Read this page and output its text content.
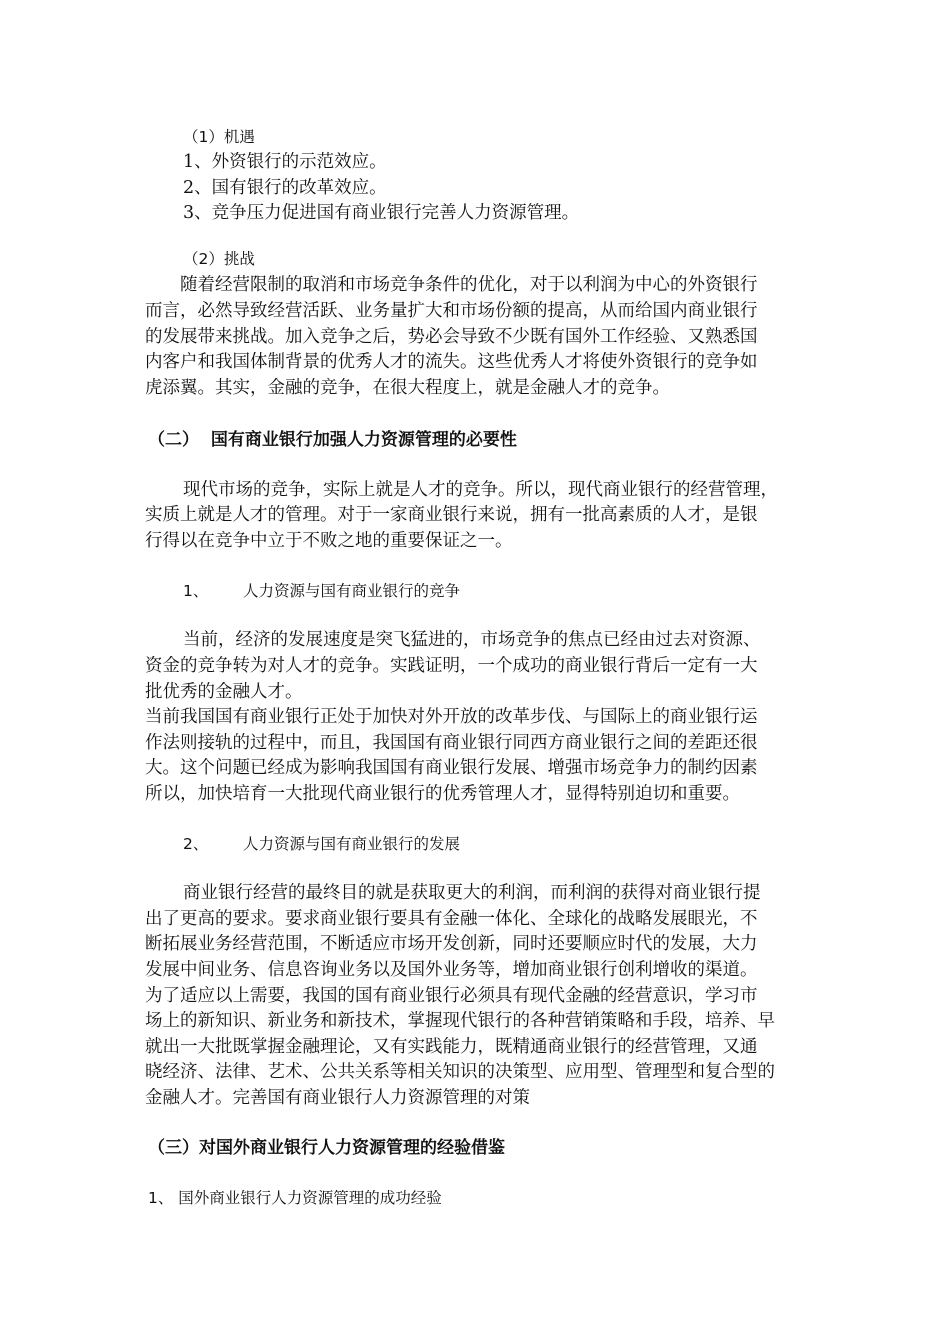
（1）机遇
1、外资银行的示范效应。
2、国有银行的改革效应。
3、竞争压力促进国有商业银行完善人力资源管理。
（2）挑战
随着经营限制的取消和市场竞争条件的优化，对于以利润为中心的外资银行
而言，必然导致经营活跃、业务量扩大和市场份额的提高，从而给国内商业银行
的发展带来挑战。加入竞争之后，势必会导致不少既有国外工作经验、又熟悉国
内客户和我国体制背景的优秀人才的流失。这些优秀人才将使外资银行的竞争如
虎添翼。其实，金融的竞争，在很大程度上，就是金融人才的竞争。
（二）  国有商业银行加强人力资源管理的必要性
现代市场的竞争，实际上就是人才的竞争。所以，现代商业银行的经营管理，
实质上就是人才的管理。对于一家商业银行来说，拥有一批高素质的人才，是银
行得以在竞争中立于不败之地的重要保证之一。
1、 人力资源与国有商业银行的竞争
当前，经济的发展速度是突飞猛进的，市场竞争的焦点已经由过去对资源、
资金的竞争转为对人才的竞争。实践证明，一个成功的商业银行背后一定有一大
批优秀的金融人才。
当前我国国有商业银行正处于加快对外开放的改革步伐、与国际上的商业银行运
作法则接轨的过程中，而且，我国国有商业银行同西方商业银行之间的差距还很
大。这个问题已经成为影响我国国有商业银行发展、增强市场竞争力的制约因素
所以，加快培育一大批现代商业银行的优秀管理人才，显得特别迫切和重要。
2、 人力资源与国有商业银行的发展
商业银行经营的最终目的就是获取更大的利润，而利润的获得对商业银行提
出了更高的要求。要求商业银行要具有金融一体化、全球化的战略发展眼光，不
断拓展业务经营范围，不断适应市场开发创新，同时还要顺应时代的发展，大力
发展中间业务、信息咨询业务以及国外业务等，增加商业银行创利增收的渠道。
为了适应以上需要，我国的国有商业银行必须具有现代金融的经营意识，学习市
场上的新知识、新业务和新技术，掌握现代银行的各种营销策略和手段，培养、早
就出一大批既掌握金融理论，又有实践能力，既精通商业银行的经营管理，又通
晓经济、法律、艺术、公共关系等相关知识的决策型、应用型、管理型和复合型的
金融人才。完善国有商业银行人力资源管理的对策
（三）对国外商业银行人力资源管理的经验借鉴
1、 国外商业银行人力资源管理的成功经验
